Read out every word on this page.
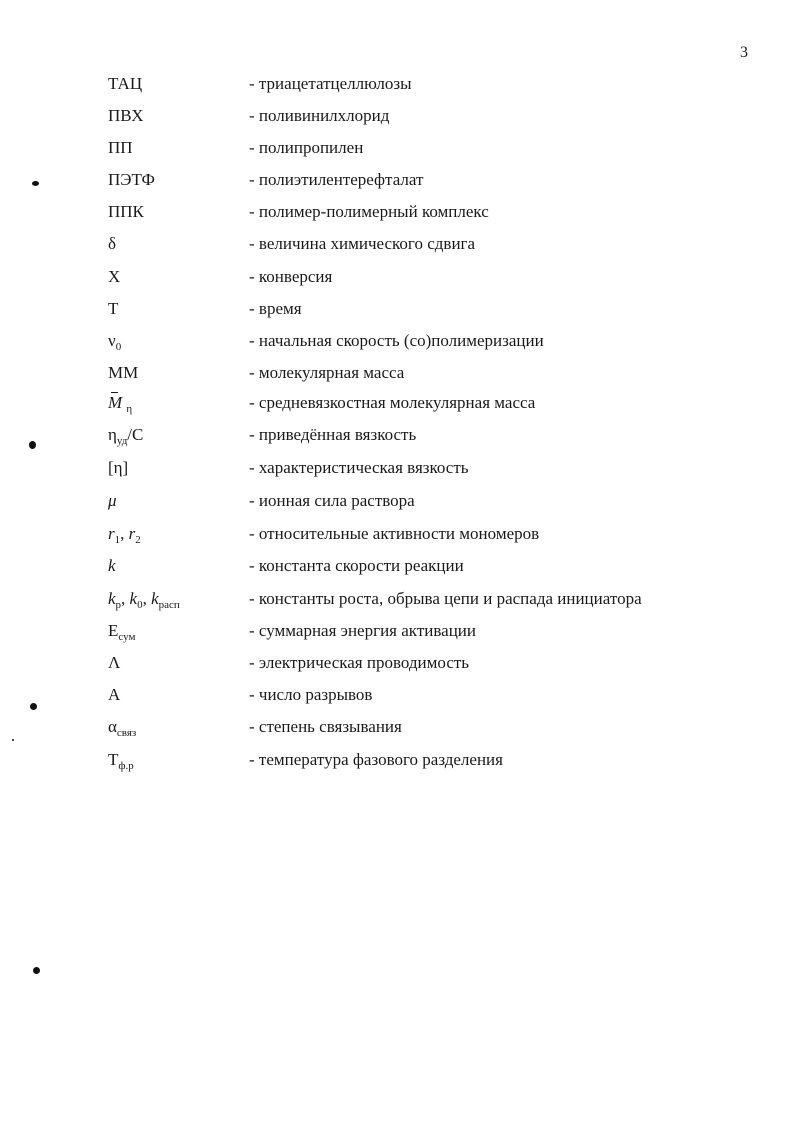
3
ТАЦ	- триацетатцеллюлозы
ПВХ	- поливинилхлорид
ПП	- полипропилен
ПЭТФ	- полиэтилентерефталат
ППК	- полимер-полимерный комплекс
δ	- величина химического сдвига
X	- конверсия
T	- время
$\nu_0$	- начальная скорость (со)полимеризации
ММ	- молекулярная масса
M $_\eta$	- средневязкостная молекулярная масса
$\eta_{уд}/С$	- приведённая вязкость
[η]	- характеристическая вязкость
μ	- ионная сила раствора
$r_1$, $r_2$	- относительные активности мономеров
k	- константа скорости реакции
$k_р$, $k_0$, $k_{расп}$	- константы роста, обрыва цепи и распада инициатора
$E_{сум}$	- суммарная энергия активации
Λ	- электрическая проводимость
A	- число разрывов
$\alpha_{связ}$	- степень связывания
$T_{ф.р}$	- температура фазового разделения
